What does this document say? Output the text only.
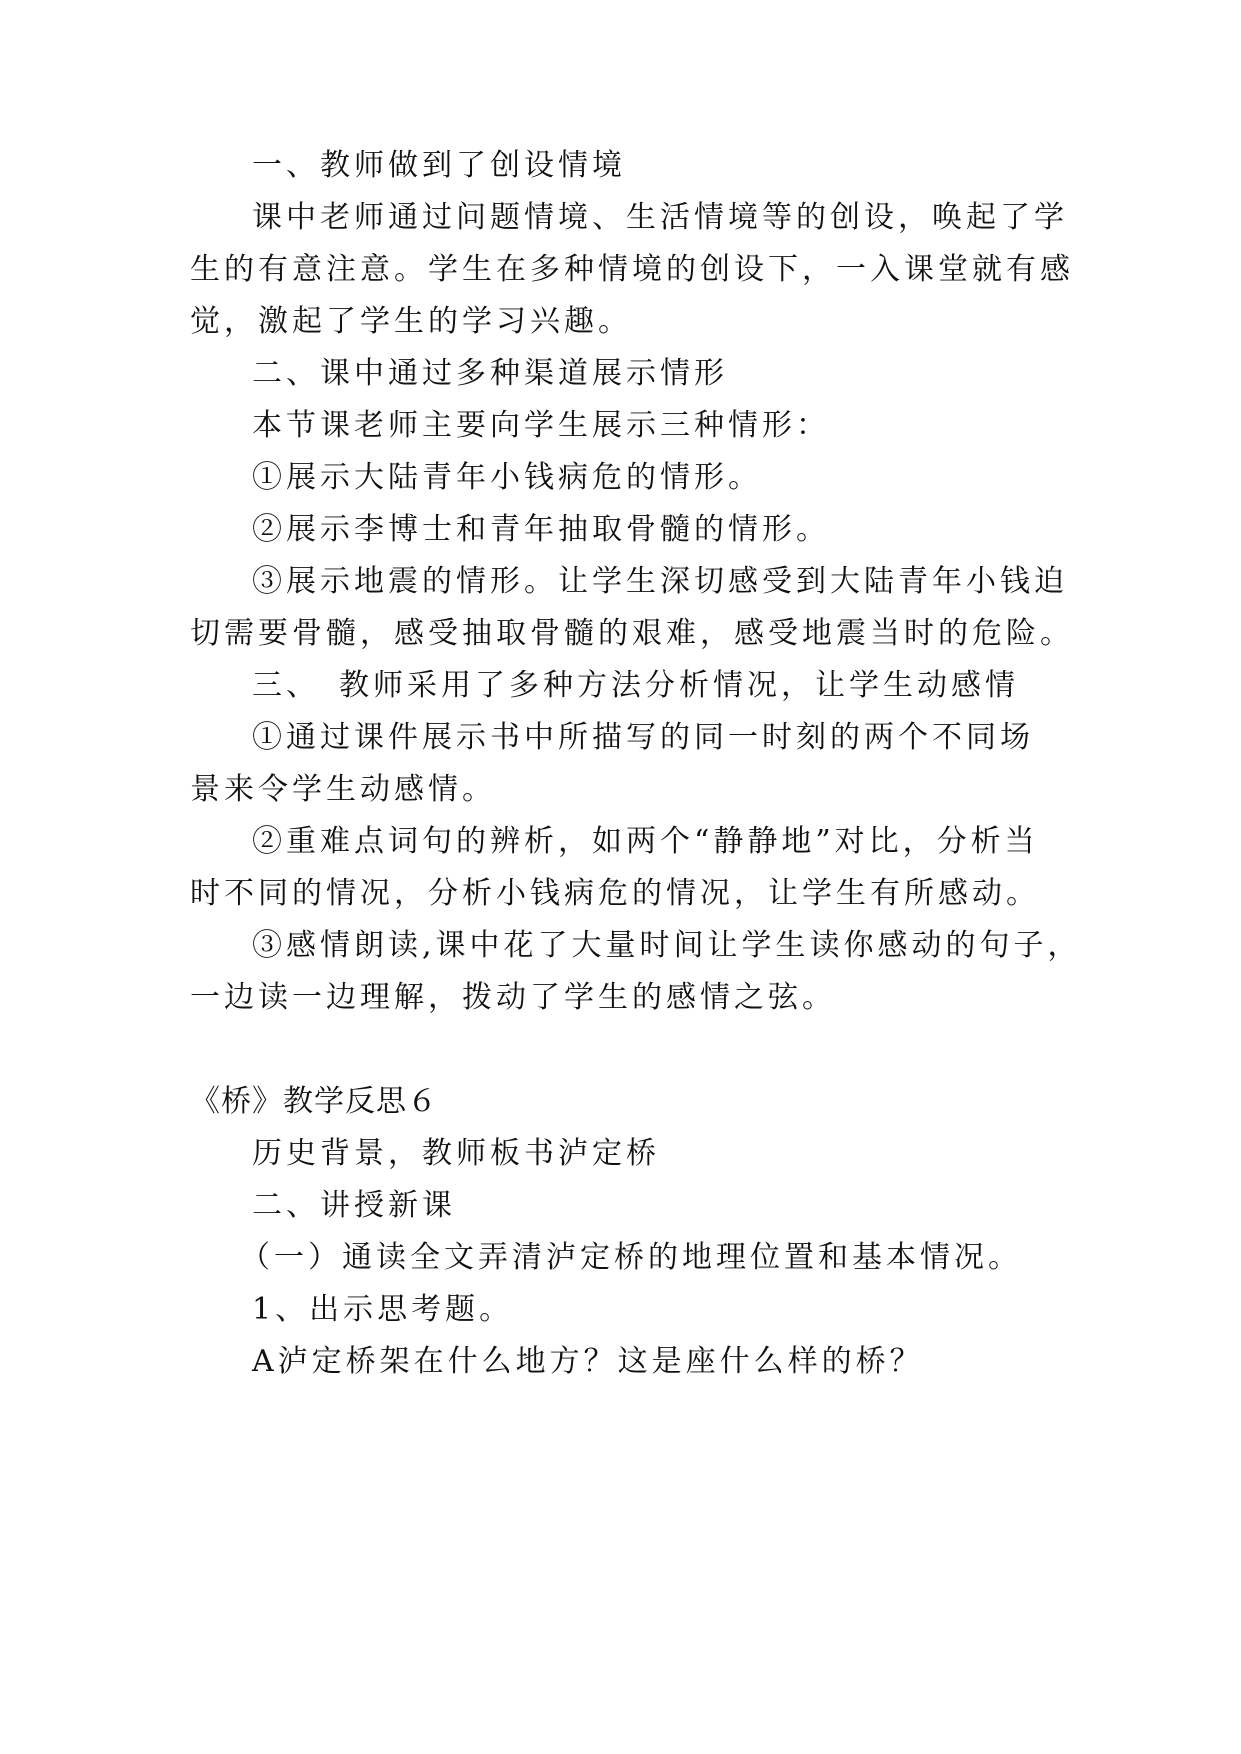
一、教师做到了创设情境
课中老师通过问题情境、生活情境等的创设，唤起了学
生的有意注意。学生在多种情境的创设下，一入课堂就有感
觉，激起了学生的学习兴趣。
二、课中通过多种渠道展示情形
本节课老师主要向学生展示三种情形：
①展示大陆青年小钱病危的情形。
②展示李博士和青年抽取骨髓的情形。
③展示地震的情形。让学生深切感受到大陆青年小钱迫
切需要骨髓，感受抽取骨髓的艰难，感受地震当时的危险。
三、　教师采用了多种方法分析情况，让学生动感情
①通过课件展示书中所描写的同一时刻的两个不同场
景来令学生动感情。
②重难点词句的辨析，如两个“静静地”对比，分析当
时不同的情况，分析小钱病危的情况，让学生有所感动。
③感情朗读,课中花了大量时间让学生读你感动的句子，
一边读一边理解，拨动了学生的感情之弦。
《桥》教学反思６
历史背景，教师板书泸定桥
二、讲授新课
（一）通读全文弄清泸定桥的地理位置和基本情况。
1、出示思考题。
A泸定桥架在什么地方？这是座什么样的桥？
